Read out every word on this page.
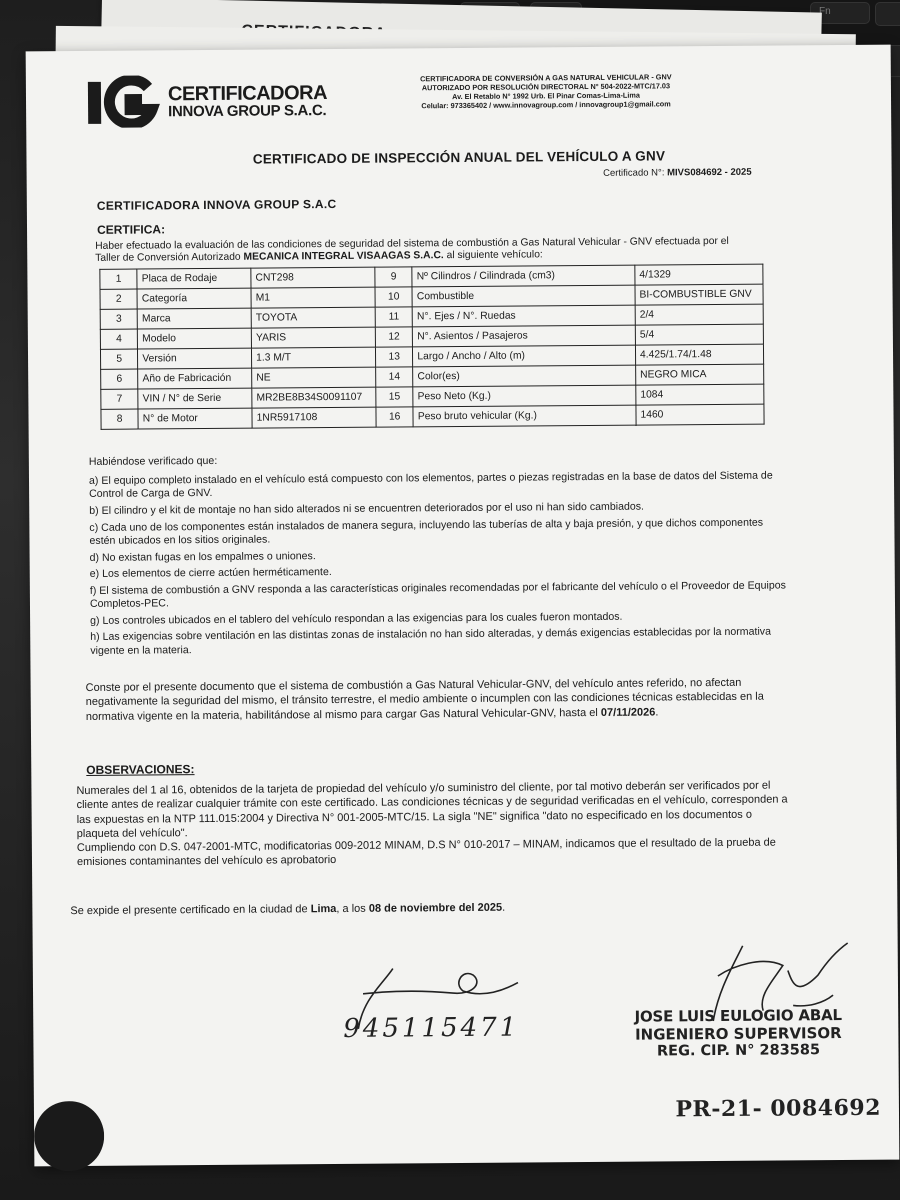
Fn
CERTIFICADORA
INNOVA GROUP S.A.C.
CERTIFICADORA DE CONVERSIÓN A GAS NATURAL VEHICULAR - GNV
AUTORIZADO POR RESOLUCIÓN DIRECTORAL N° 504-2022-MTC/17.03
Av. El Retablo N° 1992 Urb. El Pinar Comas-Lima-Lima
Celular: 973365402 / www.innovagroup.com / innovagroup1@gmail.com
CERTIFICADO DE INSPECCIÓN ANUAL DEL VEHÍCULO A GNV
Certificado N°: MIVS084692 - 2025
CERTIFICADORA INNOVA GROUP S.A.C
CERTIFICA:
Haber efectuado la evaluación de las condiciones de seguridad del sistema de combustión a Gas Natural Vehicular - GNV efectuada por el Taller de Conversión Autorizado MECANICA INTEGRAL VISAAGAS S.A.C. al siguiente vehículo:
1	Placa de Rodaje	CNT298	9	Nº Cilindros / Cilindrada (cm3)	4/1329
2	Categoría	M1	10	Combustible	BI-COMBUSTIBLE GNV
3	Marca	TOYOTA	11	N°. Ejes / N°. Ruedas	2/4
4	Modelo	YARIS	12	N°. Asientos / Pasajeros	5/4
5	Versión	1.3 M/T	13	Largo / Ancho / Alto (m)	4.425/1.74/1.48
6	Año de Fabricación	NE	14	Color(es)	NEGRO MICA
7	VIN / N° de Serie	MR2BE8B34S0091107	15	Peso Neto (Kg.)	1084
8	N° de Motor	1NR5917108	16	Peso bruto vehicular (Kg.)	1460

Habiéndose verificado que:

a) El equipo completo instalado en el vehículo está compuesto con los elementos, partes o piezas registradas en la base de datos del Sistema de Control de Carga de GNV.

b) El cilindro y el kit de montaje no han sido alterados ni se encuentren deteriorados por el uso ni han sido cambiados.

c) Cada uno de los componentes están instalados de manera segura, incluyendo las tuberías de alta y baja presión, y que dichos componentes estén ubicados en los sitios originales.

d) No existan fugas en los empalmes o uniones.

e) Los elementos de cierre actúen herméticamente.

f) El sistema de combustión a GNV responda a las características originales recomendadas por el fabricante del vehículo o el Proveedor de Equipos Completos-PEC.

g) Los controles ubicados en el tablero del vehículo respondan a las exigencias para los cuales fueron montados.

h) Las exigencias sobre ventilación en las distintas zonas de instalación no han sido alteradas, y demás exigencias establecidas por la normativa vigente en la materia.

Conste por el presente documento que el sistema de combustión a Gas Natural Vehicular-GNV, del vehículo antes referido, no afectan negativamente la seguridad del mismo, el tránsito terrestre, el medio ambiente o incumplen con las condiciones técnicas establecidas en la normativa vigente en la materia, habilitándose al mismo para cargar Gas Natural Vehicular-GNV, hasta el 07/11/2026.
OBSERVACIONES:

Numerales del 1 al 16, obtenidos de la tarjeta de propiedad del vehículo y/o suministro del cliente, por tal motivo deberán ser verificados por el cliente antes de realizar cualquier trámite con este certificado. Las condiciones técnicas y de seguridad verificadas en el vehículo, corresponden a las expuestas en la NTP 111.015:2004 y Directiva N° 001-2005-MTC/15. La sigla "NE" significa "dato no especificado en los documentos o plaqueta del vehículo".

Cumpliendo con D.S. 047-2001-MTC, modificatorias 009-2012 MINAM, D.S N° 010-2017 – MINAM, indicamos que el resultado de la prueba de emisiones contaminantes del vehículo es aprobatorio

Se expide el presente certificado en la ciudad de Lima, a los 08 de noviembre del 2025.
945115471	JOSE LUIS EULOGIO ABAL
INGENIERO SUPERVISOR
REG. CIP. N° 283585
PR-21- 0084692
